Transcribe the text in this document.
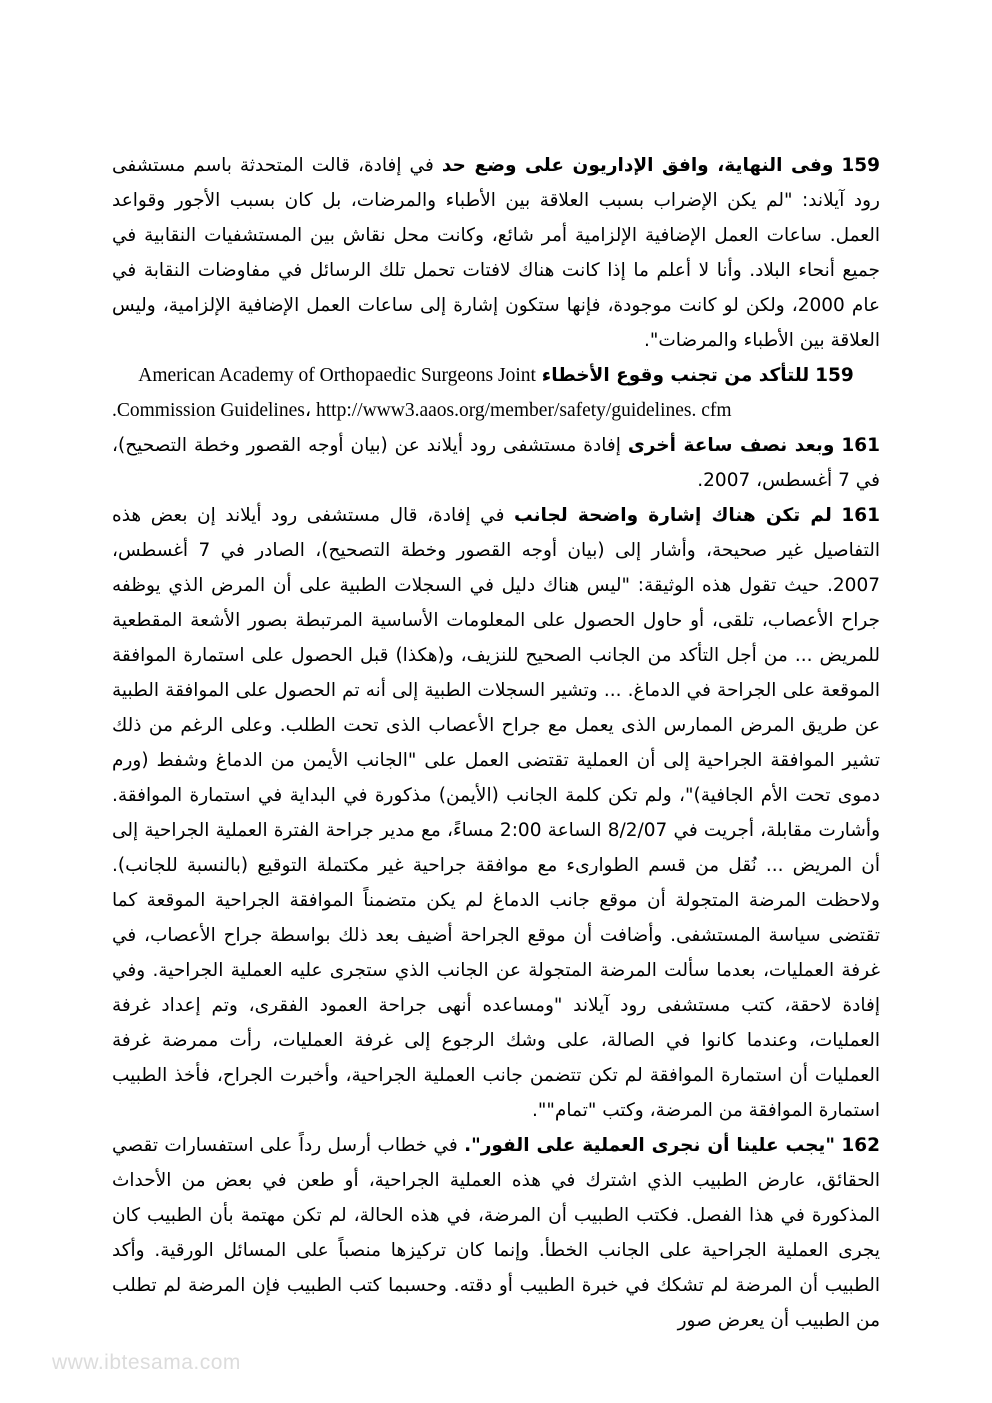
159 وفى النهاية، وافق الإداريون على وضع حد في إفادة، قالت المتحدثة باسم مستشفى رود آيلاند: "لم يكن الإضراب بسبب العلاقة بين الأطباء والمرضات، بل كان بسبب الأجور وقواعد العمل. ساعات العمل الإضافية الإلزامية أمر شائع، وكانت محل نقاش بين المستشفيات النقابية في جميع أنحاء البلاد. وأنا لا أعلم ما إذا كانت هناك لافتات تحمل تلك الرسائل في مفاوضات النقابة في عام 2000، ولكن لو كانت موجودة، فإنها ستكون إشارة إلى ساعات العمل الإضافية الإلزامية، وليس العلاقة بين الأطباء والمرضات".

159 للتأكد من تجنب وقوع الأخطاء American Academy of Orthopaedic Surgeons Joint

.Commission Guidelines، http://www3.aaos.org/member/safety/guidelines. cfm

161 وبعد نصف ساعة أخرى إفادة مستشفى رود أيلاند عن (بيان أوجه القصور وخطة التصحيح)، في 7 أغسطس، 2007.

161 لم تكن هناك إشارة واضحة لجانب في إفادة، قال مستشفى رود أيلاند إن بعض هذه التفاصيل غير صحيحة، وأشار إلى (بيان أوجه القصور وخطة التصحيح)، الصادر في 7 أغسطس، 2007. حيث تقول هذه الوثيقة: "ليس هناك دليل في السجلات الطبية على أن المرض الذي يوظفه جراح الأعصاب، تلقى، أو حاول الحصول على المعلومات الأساسية المرتبطة بصور الأشعة المقطعية للمريض ... من أجل التأكد من الجانب الصحيح للنزيف، و(هكذا) قبل الحصول على استمارة الموافقة الموقعة على الجراحة في الدماغ. ... وتشير السجلات الطبية إلى أنه تم الحصول على الموافقة الطبية عن طريق المرض الممارس الذى يعمل مع جراح الأعصاب الذى تحت الطلب. وعلى الرغم من ذلك تشير الموافقة الجراحية إلى أن العملية تقتضى العمل على "الجانب الأيمن من الدماغ وشفط (ورم دموى تحت الأم الجافية)"، ولم تكن كلمة الجانب (الأيمن) مذكورة في البداية في استمارة الموافقة. وأشارت مقابلة، أجريت في 8/2/07 الساعة 2:00 مساءً، مع مدير جراحة الفترة العملية الجراحية إلى أن المريض ... نُقل من قسم الطوارىء مع موافقة جراحية غير مكتملة التوقيع (بالنسبة للجانب). ولاحظت المرضة المتجولة أن موقع جانب الدماغ لم يكن متضمناً الموافقة الجراحية الموقعة كما تقتضى سياسة المستشفى. وأضافت أن موقع الجراحة أضيف بعد ذلك بواسطة جراح الأعصاب، في غرفة العمليات، بعدما سألت المرضة المتجولة عن الجانب الذي ستجرى عليه العملية الجراحية. وفي إفادة لاحقة، كتب مستشفى رود آيلاند "ومساعده أنهى جراحة العمود الفقرى، وتم إعداد غرفة العمليات، وعندما كانوا في الصالة، على وشك الرجوع إلى غرفة العمليات، رأت ممرضة غرفة العمليات أن استمارة الموافقة لم تكن تتضمن جانب العملية الجراحية، وأخبرت الجراح، فأخذ الطبيب استمارة الموافقة من المرضة، وكتب "تمام"".

162 "يجب علينا أن نجرى العملية على الفور". في خطاب أرسل رداً على استفسارات تقصي الحقائق، عارض الطبيب الذي اشترك في هذه العملية الجراحية، أو طعن في بعض من الأحداث المذكورة في هذا الفصل. فكتب الطبيب أن المرضة، في هذه الحالة، لم تكن مهتمة بأن الطبيب كان يجرى العملية الجراحية على الجانب الخطأ. وإنما كان تركيزها منصباً على المسائل الورقية. وأكد الطبيب أن المرضة لم تشكك في خبرة الطبيب أو دقته. وحسبما كتب الطبيب فإن المرضة لم تطلب من الطبيب أن يعرض صور

www.ibtesama.com
